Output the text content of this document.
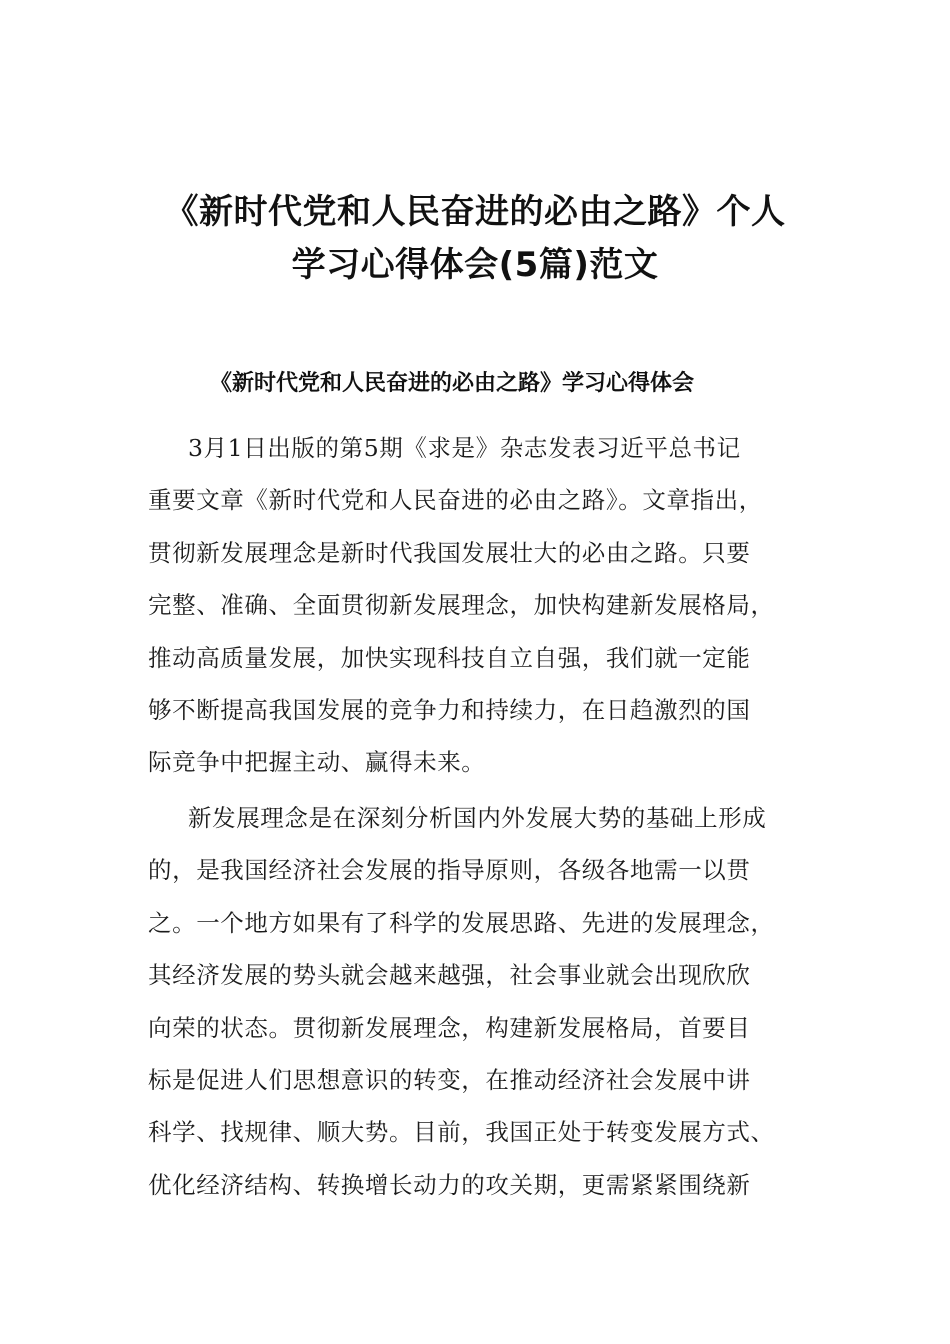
《新时代党和人民奋进的必由之路》个人
学习心得体会(5篇)范文
《新时代党和人民奋进的必由之路》学习心得体会

3月1日出版的第5期《求是》杂志发表习近平总书记
重要文章《新时代党和人民奋进的必由之路》。文章指出，
贯彻新发展理念是新时代我国发展壮大的必由之路。只要
完整、准确、全面贯彻新发展理念，加快构建新发展格局，
推动高质量发展，加快实现科技自立自强，我们就一定能
够不断提高我国发展的竞争力和持续力，在日趋激烈的国
际竞争中把握主动、赢得未来。

新发展理念是在深刻分析国内外发展大势的基础上形成
的，是我国经济社会发展的指导原则，各级各地需一以贯
之。一个地方如果有了科学的发展思路、先进的发展理念，
其经济发展的势头就会越来越强，社会事业就会出现欣欣
向荣的状态。贯彻新发展理念，构建新发展格局，首要目
标是促进人们思想意识的转变，在推动经济社会发展中讲
科学、找规律、顺大势。目前，我国正处于转变发展方式、
优化经济结构、转换增长动力的攻关期，更需紧紧围绕新
